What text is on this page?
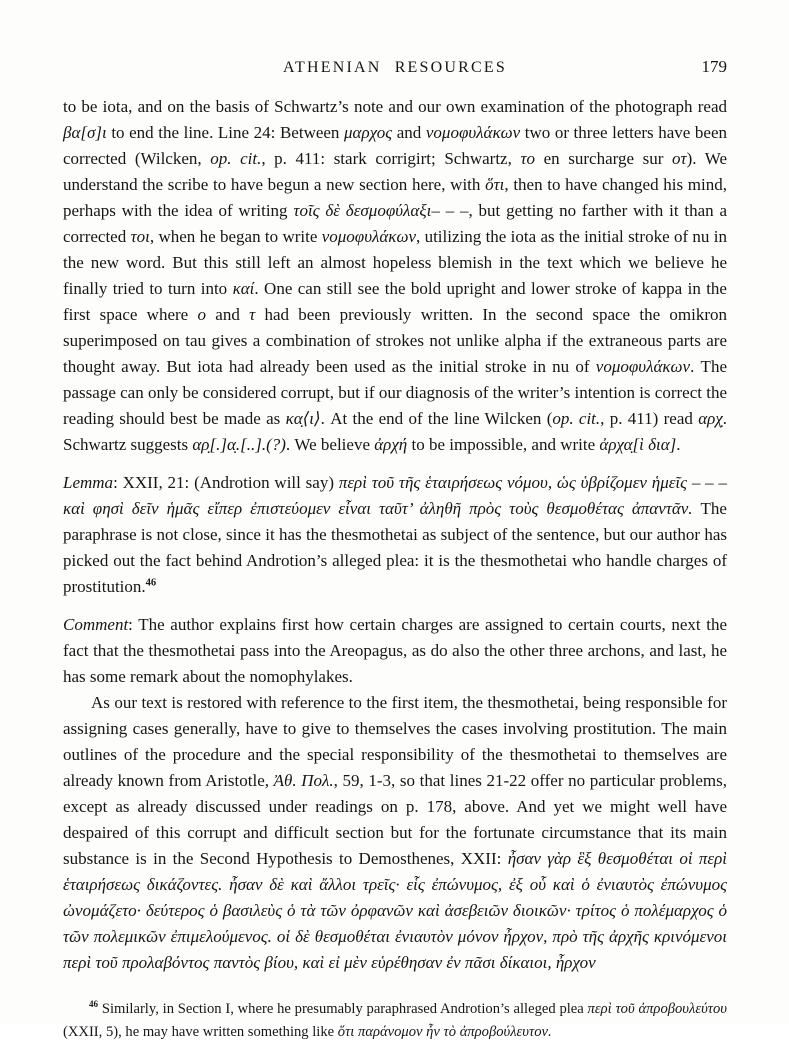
ATHENIAN RESOURCES	179

to be iota, and on the basis of Schwartz’s note and our own examination of the photograph read βα[σ]ι to end the line. Line 24: Between μαρχος and νομοφυλάκων two or three letters have been corrected (Wilcken, op. cit., p. 411: stark corrigirt; Schwartz, το en surcharge sur οτ). We understand the scribe to have begun a new section here, with ὅτι, then to have changed his mind, perhaps with the idea of writing τοῖς δὲ δεσμοφύλαξι– – –, but getting no farther with it than a corrected τοι, when he began to write νομοφυλάκων, utilizing the iota as the initial stroke of nu in the new word. But this still left an almost hopeless blemish in the text which we believe he finally tried to turn into καί. One can still see the bold upright and lower stroke of kappa in the first space where ο and τ had been previously written. In the second space the omikron superimposed on tau gives a combination of strokes not unlike alpha if the extraneous parts are thought away. But iota had already been used as the initial stroke in nu of νομοφυλάκων. The passage can only be considered corrupt, but if our diagnosis of the writer’s intention is correct the reading should best be made as κα̣⟨ι⟩. At the end of the line Wilcken (op. cit., p. 411) read αρχ̣. Schwartz suggests αρ̣[.]α̣.[..].(?). We believe ἀρχή to be impossible, and write ἀρχα̣[ὶ δια].

Lemma: XXII, 21: (Androtion will say) περὶ τοῦ τῆς ἑταιρήσεως νόμου, ὡς ὑβρίζομεν ἡμεῖς – – – καὶ φησὶ δεῖν ἡμᾶς εἴπερ ἐπιστεύομεν εἶναι ταῦτ’ ἀληθῆ πρὸς τοὺς θεσμοθέτας ἀπαντᾶν. The paraphrase is not close, since it has the thesmothetai as subject of the sentence, but our author has picked out the fact behind Androtion’s alleged plea: it is the thesmothetai who handle charges of prostitution.$^{46}$

Comment: The author explains first how certain charges are assigned to certain courts, next the fact that the thesmothetai pass into the Areopagus, as do also the other three archons, and last, he has some remark about the nomophylakes.

As our text is restored with reference to the first item, the thesmothetai, being responsible for assigning cases generally, have to give to themselves the cases involving prostitution. The main outlines of the procedure and the special responsibility of the thesmothetai to themselves are already known from Aristotle, Ἀθ. Πολ., 59, 1-3, so that lines 21-22 offer no particular problems, except as already discussed under readings on p. 178, above. And yet we might well have despaired of this corrupt and difficult section but for the fortunate circumstance that its main substance is in the Second Hypothesis to Demosthenes, XXII: ἦσαν γὰρ ἓξ θεσμοθέται οἱ περὶ ἑταιρήσεως δικάζοντες. ἦσαν δὲ καὶ ἄλλοι τρεῖς· εἷς ἐπώνυμος, ἐξ οὗ καὶ ὁ ἐνιαυτὸς ἐπώνυμος ὠνομάζετο· δεύτερος ὁ βασιλεὺς ὁ τὰ τῶν ὀρφανῶν καὶ ἀσεβειῶν διοικῶν· τρίτος ὁ πολέμαρχος ὁ τῶν πολεμικῶν ἐπιμελούμενος. οἱ δὲ θεσμοθέται ἐνιαυτὸν μόνον ἦρχον, πρὸ τῆς ἀρχῆς κρινόμενοι περὶ τοῦ προλαβόντος παντὸς βίου, καὶ εἰ μὲν εὑρέθησαν ἐν πᾶσι δίκαιοι, ἦρχον

$^{46}$ Similarly, in Section I, where he presumably paraphrased Androtion’s alleged plea περὶ τοῦ ἀπροβουλεύτου (XXII, 5), he may have written something like ὅτι παράνομον ἦν τὸ ἀπροβούλευτον.
